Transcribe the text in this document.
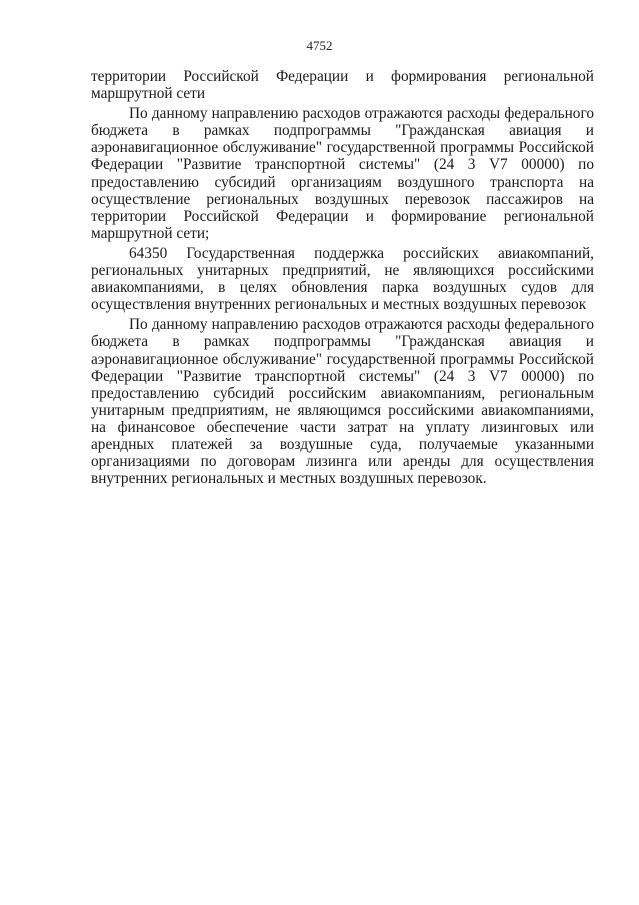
4752

территории Российской Федерации и формирования региональной маршрутной сети

По данному направлению расходов отражаются расходы федерального бюджета в рамках подпрограммы "Гражданская авиация и аэронавигационное обслуживание" государственной программы Российской Федерации "Развитие транспортной системы" (24 3 V7 00000) по предоставлению субсидий организациям воздушного транспорта на осуществление региональных воздушных перевозок пассажиров на территории Российской Федерации и формирование региональной маршрутной сети;

64350 Государственная поддержка российских авиакомпаний, региональных унитарных предприятий, не являющихся российскими авиакомпаниями, в целях обновления парка воздушных судов для осуществления внутренних региональных и местных воздушных перевозок

По данному направлению расходов отражаются расходы федерального бюджета в рамках подпрограммы "Гражданская авиация и аэронавигационное обслуживание" государственной программы Российской Федерации "Развитие транспортной системы" (24 3 V7 00000) по предоставлению субсидий российским авиакомпаниям, региональным унитарным предприятиям, не являющимся российскими авиакомпаниями, на финансовое обеспечение части затрат на уплату лизинговых или арендных платежей за воздушные суда, получаемые указанными организациями по договорам лизинга или аренды для осуществления внутренних региональных и местных воздушных перевозок.
